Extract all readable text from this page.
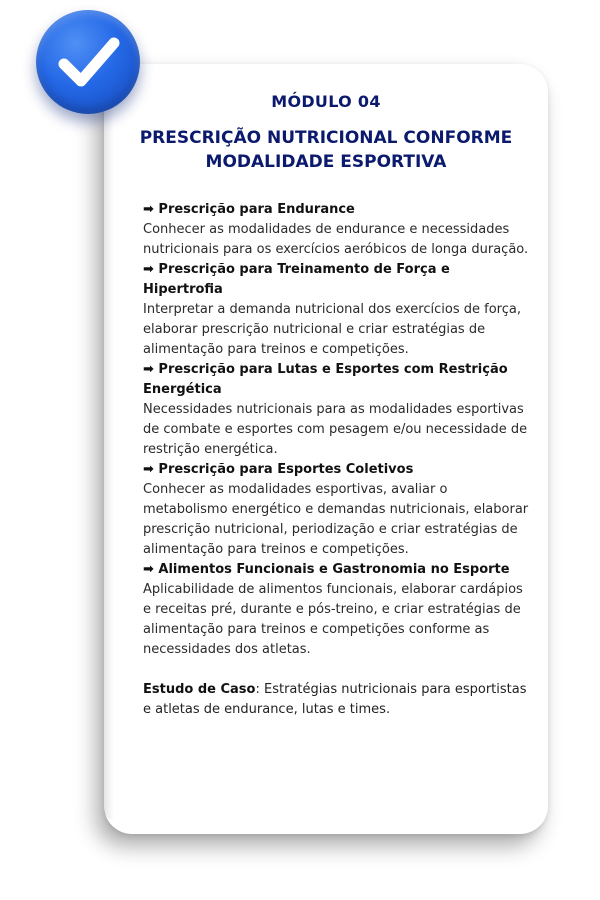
MÓDULO 04
PRESCRIÇÃO NUTRICIONAL CONFORME
MODALIDADE ESPORTIVA
➡ Prescrição para Endurance
Conhecer as modalidades de endurance e necessidades nutricionais para os exercícios aeróbicos de longa duração.
➡ Prescrição para Treinamento de Força e Hipertrofia
Interpretar a demanda nutricional dos exercícios de força, elaborar prescrição nutricional e criar estratégias de alimentação para treinos e competições.
➡ Prescrição para Lutas e Esportes com Restrição Energética
Necessidades nutricionais para as modalidades esportivas de combate e esportes com pesagem e/ou necessidade de restrição energética.
➡ Prescrição para Esportes Coletivos
Conhecer as modalidades esportivas, avaliar o metabolismo energético e demandas nutricionais, elaborar prescrição nutricional, periodização e criar estratégias de alimentação para treinos e competições.
➡ Alimentos Funcionais e Gastronomia no Esporte
Aplicabilidade de alimentos funcionais, elaborar cardápios e receitas pré, durante e pós-treino, e criar estratégias de alimentação para treinos e competições conforme as necessidades dos atletas.
Estudo de Caso: Estratégias nutricionais para esportistas e atletas de endurance, lutas e times.
